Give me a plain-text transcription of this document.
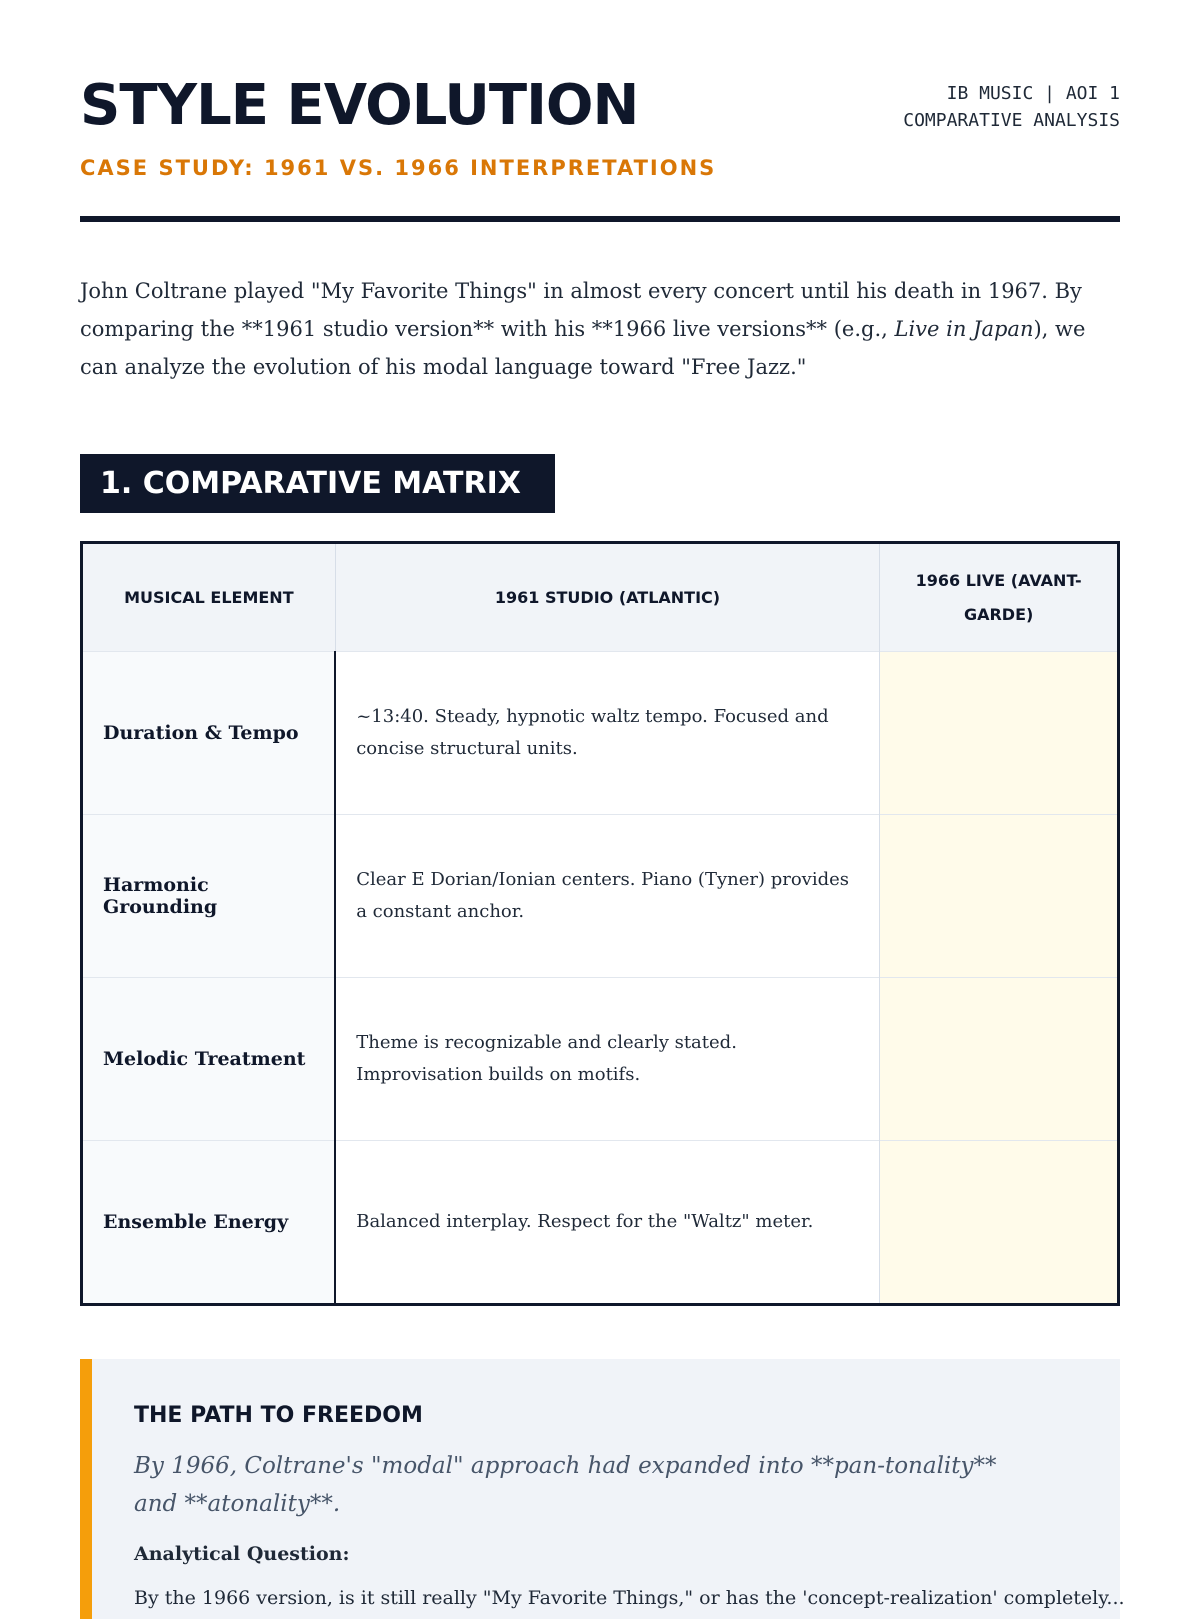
STYLE EVOLUTION
CASE STUDY: 1961 VS. 1966 INTERPRETATIONS
IB MUSIC | AOI 1
COMPARATIVE ANALYSIS

John Coltrane played "My Favorite Things" in almost every concert until his death in 1967. By comparing the **1961 studio version** with his **1966 live versions** (e.g., Live in Japan), we can analyze the evolution of his modal language toward "Free Jazz."

1. COMPARATIVE MATRIX
MUSICAL ELEMENT	1961 STUDIO (ATLANTIC)	1966 LIVE (AVANT-GARDE)
Duration & Tempo	~13:40. Steady, hypnotic waltz tempo. Focused and concise structural units.	
Harmonic Grounding	Clear E Dorian/Ionian centers. Piano (Tyner) provides a constant anchor.	
Melodic Treatment	Theme is recognizable and clearly stated. Improvisation builds on motifs.	
Ensemble Energy	Balanced interplay. Respect for the "Waltz" meter.	
THE PATH TO FREEDOM

By 1966, Coltrane's "modal" approach had expanded into **pan-tonality** and **atonality**.

Analytical Question:

By the 1966 version, is it still really "My Favorite Things," or has the 'concept-realization' completely...
